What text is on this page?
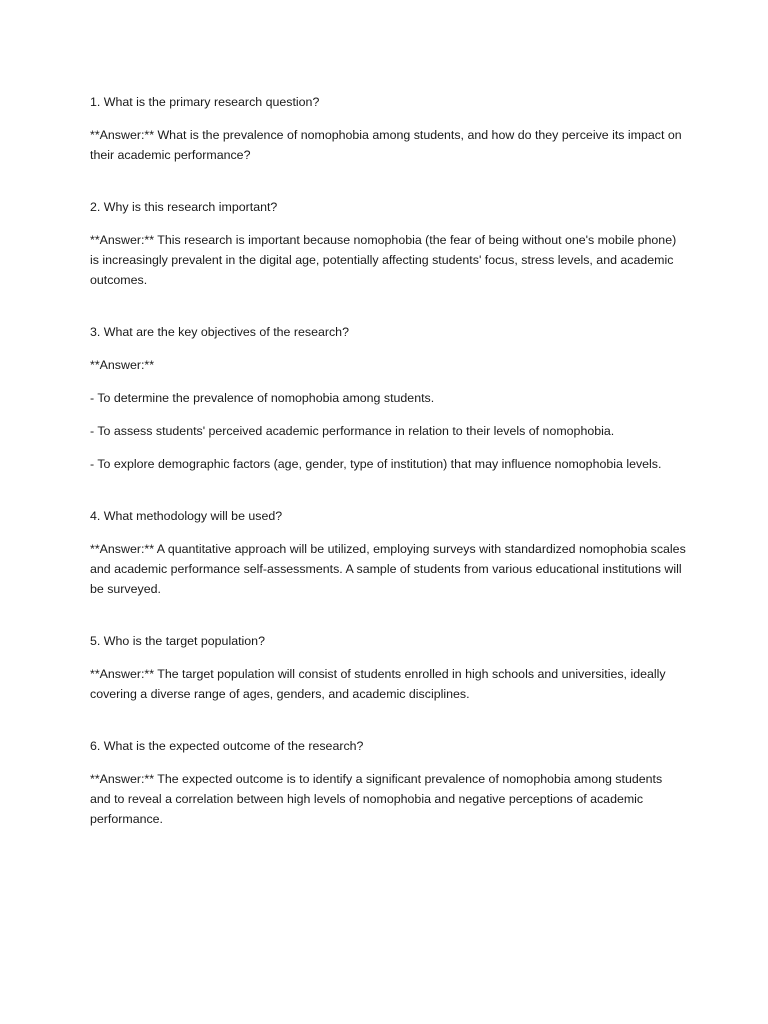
1. What is the primary research question?

**Answer:** What is the prevalence of nomophobia among students, and how do they perceive its impact on their academic performance?

2. Why is this research important?

**Answer:** This research is important because nomophobia (the fear of being without one's mobile phone) is increasingly prevalent in the digital age, potentially affecting students' focus, stress levels, and academic outcomes.

3. What are the key objectives of the research?

**Answer:**

- To determine the prevalence of nomophobia among students.

- To assess students' perceived academic performance in relation to their levels of nomophobia.

- To explore demographic factors (age, gender, type of institution) that may influence nomophobia levels.

4. What methodology will be used?

**Answer:** A quantitative approach will be utilized, employing surveys with standardized nomophobia scales and academic performance self-assessments. A sample of students from various educational institutions will be surveyed.

5. Who is the target population?

**Answer:** The target population will consist of students enrolled in high schools and universities, ideally covering a diverse range of ages, genders, and academic disciplines.

6. What is the expected outcome of the research?

**Answer:** The expected outcome is to identify a significant prevalence of nomophobia among students and to reveal a correlation between high levels of nomophobia and negative perceptions of academic performance.
